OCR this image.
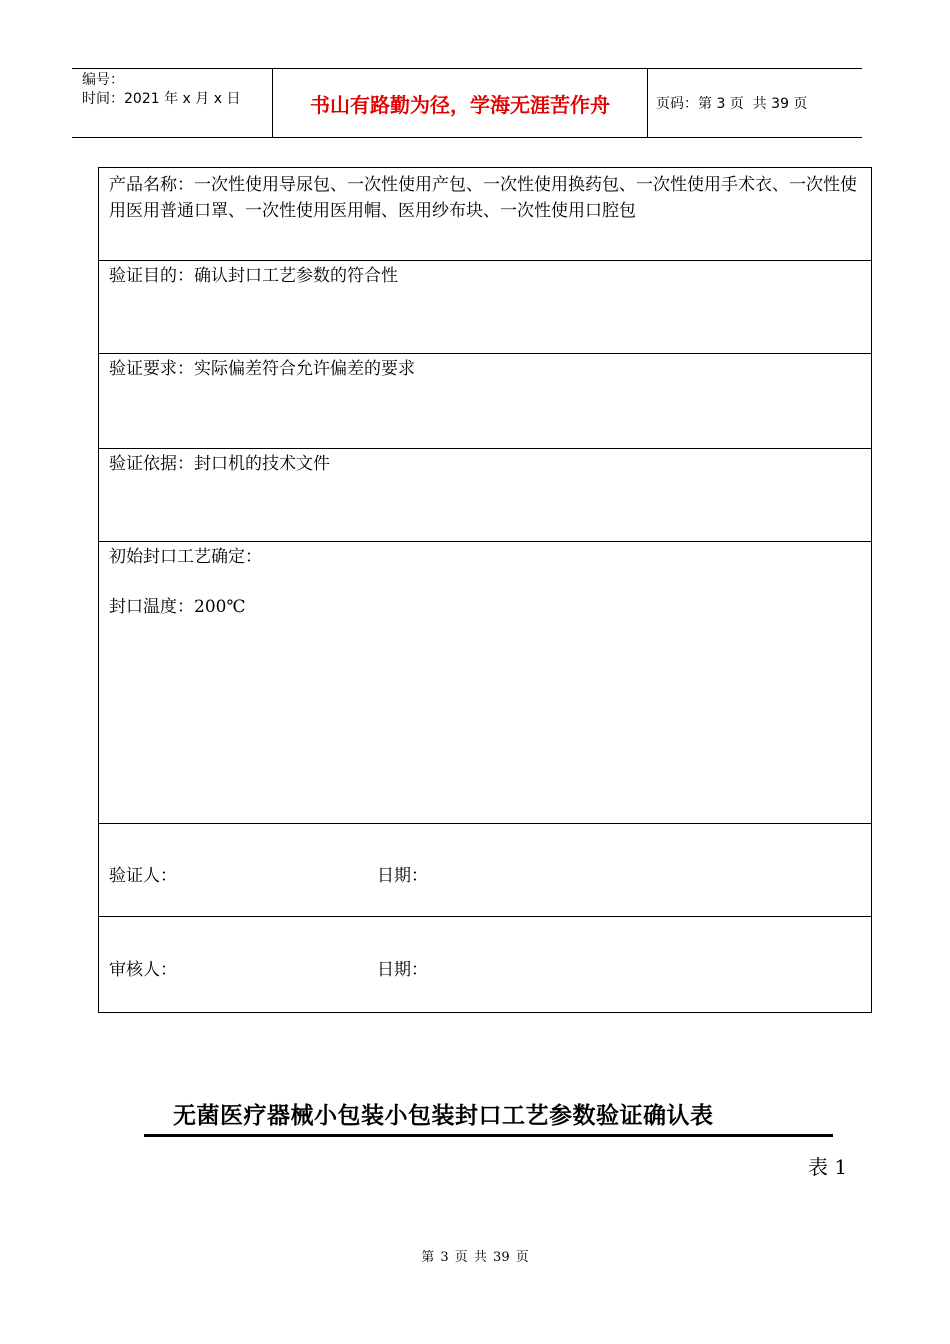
编号：
时间：2021 年 x 月 x 日	书山有路勤为径，学海无涯苦作舟	页码：第 3 页  共 39 页
产品名称：一次性使用导尿包、一次性使用产包、一次性使用换药包、一次性使用手术衣、一次性使用医用普通口罩、一次性使用医用帽、医用纱布块、一次性使用口腔包
验证目的：确认封口工艺参数的符合性
验证要求：实际偏差符合允许偏差的要求
验证依据：封口机的技术文件
初始封口工艺确定：
封口温度：200℃
验证人：	日期：
审核人：	日期：
无菌医疗器械小包装小包装封口工艺参数验证确认表
表 1
第 3 页 共 39 页
